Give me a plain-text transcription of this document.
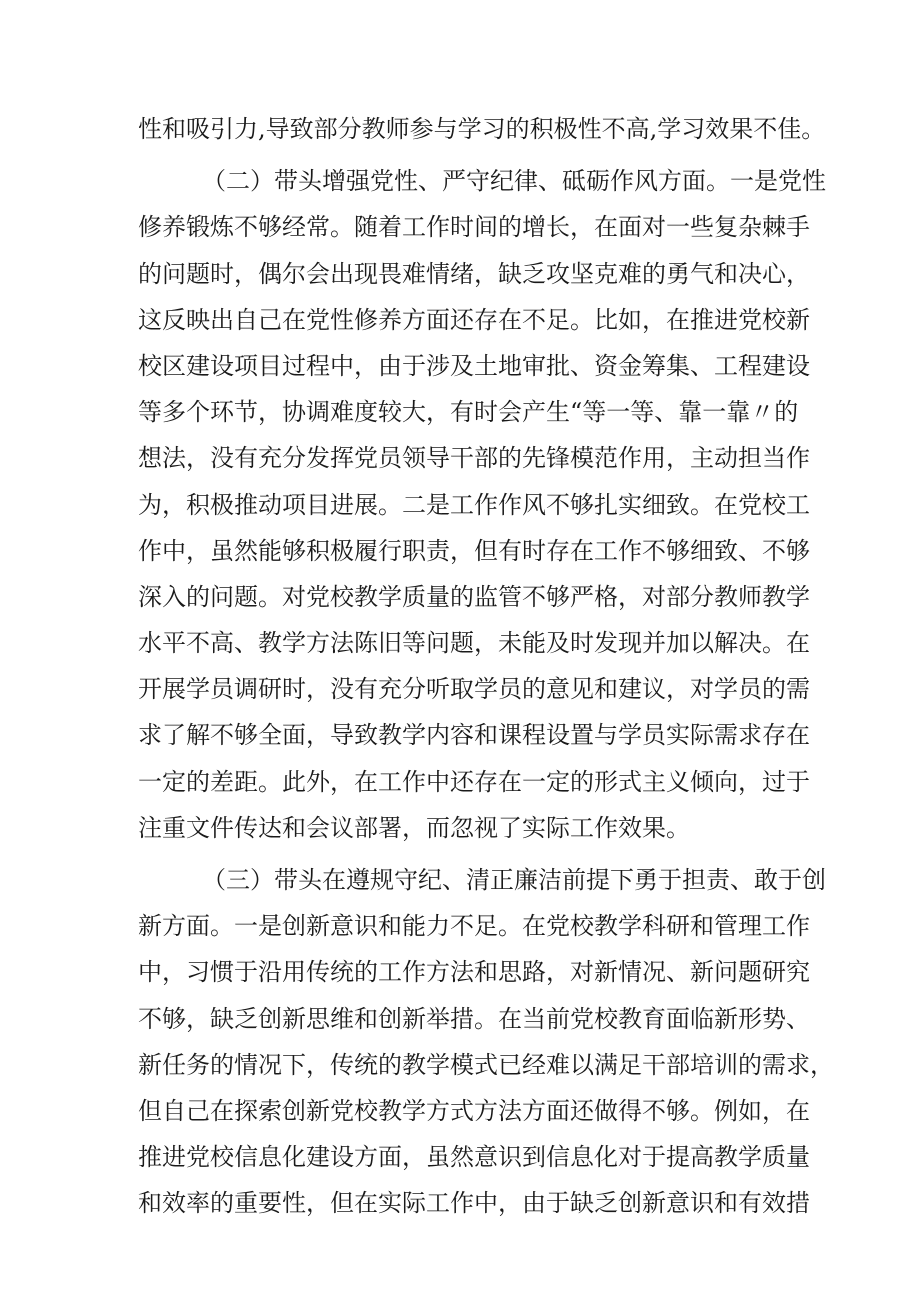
性和吸引力,导致部分教师参与学习的积极性不高,学习效果不佳。
（二）带头增强党性、严守纪律、砥砺作风方面。一是党性
修养锻炼不够经常。随着工作时间的增长，在面对一些复杂棘手
的问题时，偶尔会出现畏难情绪，缺乏攻坚克难的勇气和决心，
这反映出自己在党性修养方面还存在不足。比如，在推进党校新
校区建设项目过程中，由于涉及土地审批、资金筹集、工程建设
等多个环节，协调难度较大，有时会产生“等一等、靠一靠〃的
想法，没有充分发挥党员领导干部的先锋模范作用，主动担当作
为，积极推动项目进展。二是工作作风不够扎实细致。在党校工
作中，虽然能够积极履行职责，但有时存在工作不够细致、不够
深入的问题。对党校教学质量的监管不够严格，对部分教师教学
水平不高、教学方法陈旧等问题，未能及时发现并加以解决。在
开展学员调研时，没有充分听取学员的意见和建议，对学员的需
求了解不够全面，导致教学内容和课程设置与学员实际需求存在
一定的差距。此外，在工作中还存在一定的形式主义倾向，过于
注重文件传达和会议部署，而忽视了实际工作效果。
（三）带头在遵规守纪、清正廉洁前提下勇于担责、敢于创
新方面。一是创新意识和能力不足。在党校教学科研和管理工作
中，习惯于沿用传统的工作方法和思路，对新情况、新问题研究
不够，缺乏创新思维和创新举措。在当前党校教育面临新形势、
新任务的情况下，传统的教学模式已经难以满足干部培训的需求，
但自己在探索创新党校教学方式方法方面还做得不够。例如，在
推进党校信息化建设方面，虽然意识到信息化对于提高教学质量
和效率的重要性，但在实际工作中，由于缺乏创新意识和有效措
